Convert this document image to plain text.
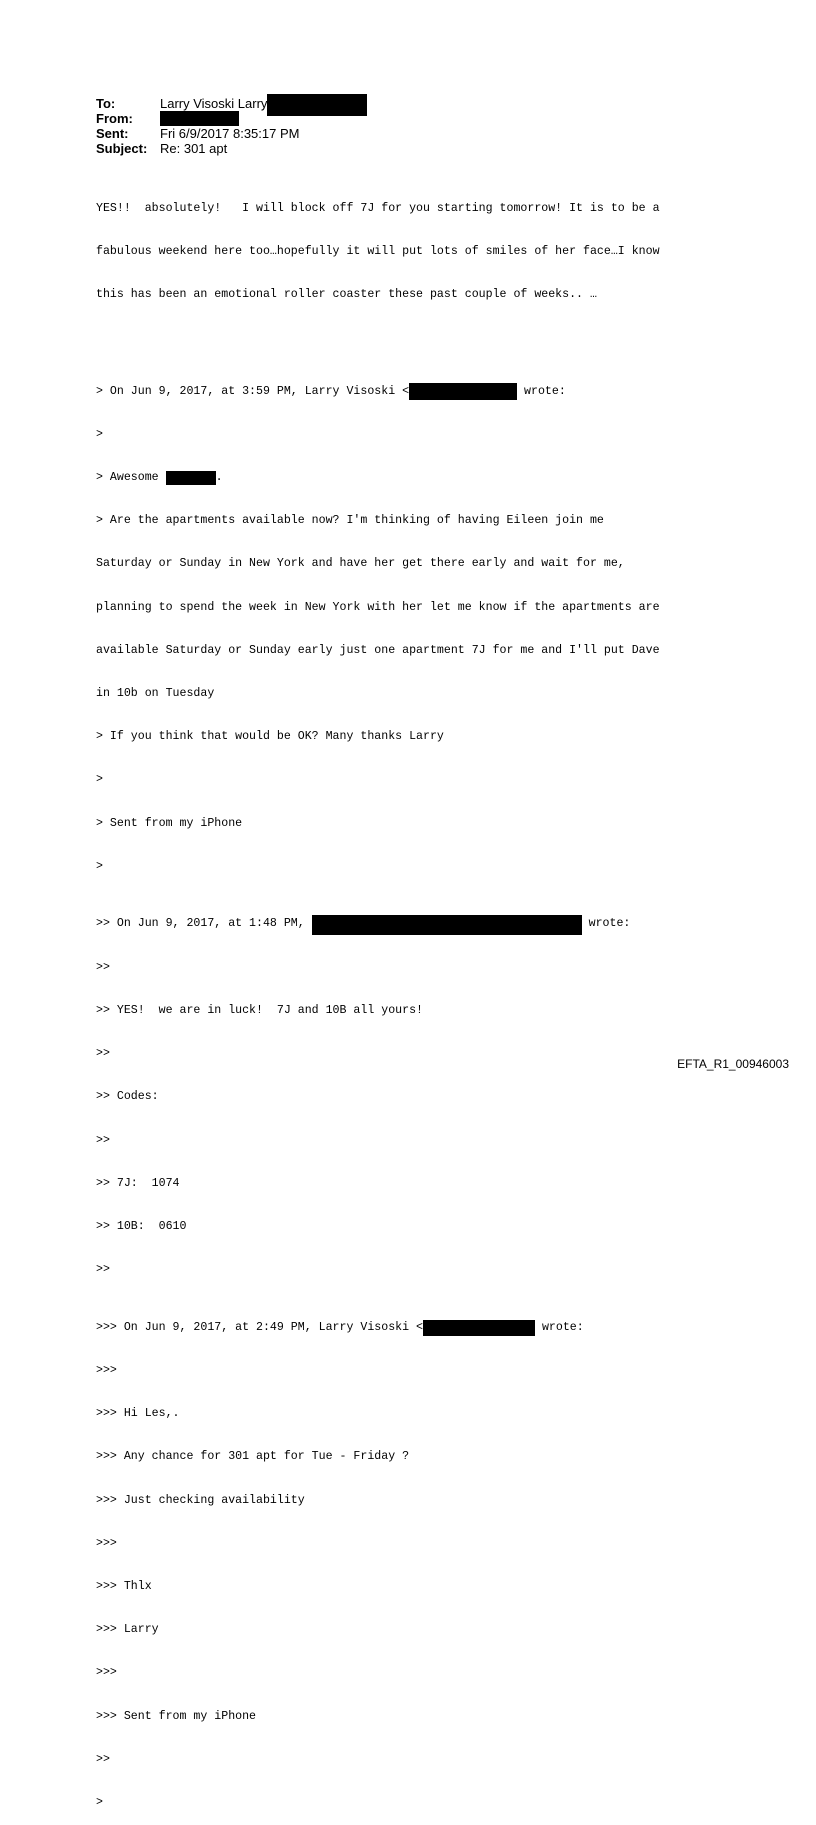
To:	Larry Visoski Larry
From:
Sent:	Fri 6/9/2017 8:35:17 PM
Subject: Re: 301 apt

YES!!  absolutely!   I will block off 7J for you starting tomorrow! It is to be a

fabulous weekend here too…hopefully it will put lots of smiles of her face…I know

this has been an emotional roller coaster these past couple of weeks.. …

> On Jun 9, 2017, at 3:59 PM, Larry Visoski <	wrote:

>

> Awesome	.

> Are the apartments available now? I'm thinking of having Eileen join me

Saturday or Sunday in New York and have her get there early and wait for me,

planning to spend the week in New York with her let me know if the apartments are

available Saturday or Sunday early just one apartment 7J for me and I'll put Dave

in 10b on Tuesday

> If you think that would be OK? Many thanks Larry

>

> Sent from my iPhone

>

>> On Jun 9, 2017, at 1:48 PM,	wrote:

>>

>> YES!  we are in luck!  7J and 10B all yours!

>>

>> Codes:

>>

>> 7J:  1074

>> 10B:  0610

>>

>>> On Jun 9, 2017, at 2:49 PM, Larry Visoski <	wrote:

>>>

>>> Hi Les,.

>>> Any chance for 301 apt for Tue - Friday ?

>>> Just checking availability

>>>

>>> Thlx

>>> Larry

>>>

>>> Sent from my iPhone

>>

>

EFTA_R1_00946003
